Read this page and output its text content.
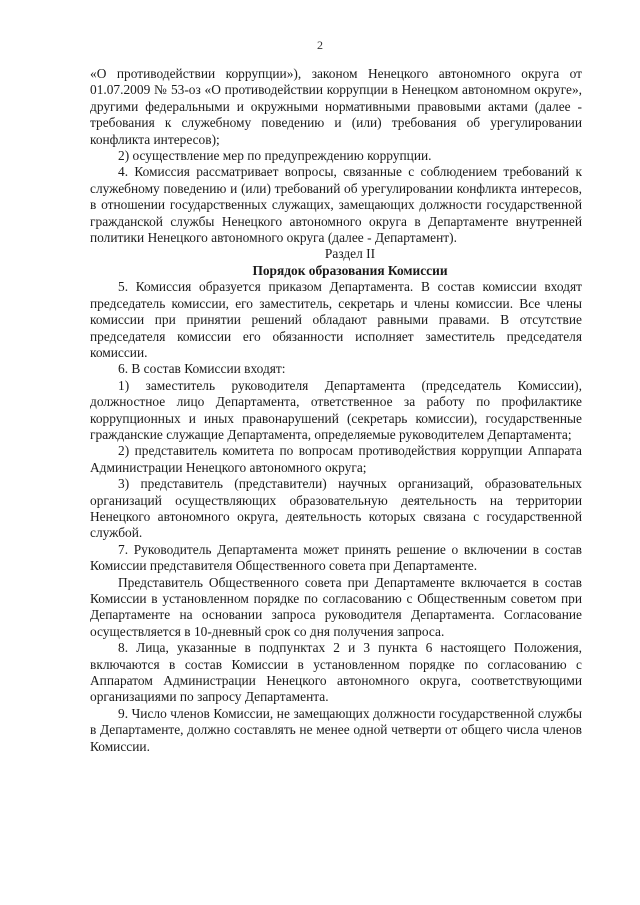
2

«О противодействии коррупции»), законом Ненецкого автономного округа от 01.07.2009 № 53-оз «О противодействии коррупции в Ненецком автономном округе», другими федеральными и окружными нормативными правовыми актами (далее - требования к служебному поведению и (или) требования об урегулировании конфликта интересов);

2) осуществление мер по предупреждению коррупции.

4. Комиссия рассматривает вопросы, связанные с соблюдением требований к служебному поведению и (или) требований об урегулировании конфликта интересов, в отношении государственных служащих, замещающих должности государственной гражданской службы Ненецкого автономного округа в Департаменте внутренней политики Ненецкого автономного округа (далее - Департамент).

Раздел II

Порядок образования Комиссии

5. Комиссия образуется приказом Департамента. В состав комиссии входят председатель комиссии, его заместитель, секретарь и члены комиссии. Все члены комиссии при принятии решений обладают равными правами. В отсутствие председателя комиссии его обязанности исполняет заместитель председателя комиссии.

6. В состав Комиссии входят:

1) заместитель руководителя Департамента (председатель Комиссии), должностное лицо Департамента, ответственное за работу по профилактике коррупционных и иных правонарушений (секретарь комиссии), государственные гражданские служащие Департамента, определяемые руководителем Департамента;

2) представитель комитета по вопросам противодействия коррупции Аппарата Администрации Ненецкого автономного округа;

3) представитель (представители) научных организаций, образовательных организаций осуществляющих образовательную деятельность на территории Ненецкого автономного округа, деятельность которых связана с государственной службой.

7. Руководитель Департамента может принять решение о включении в состав Комиссии представителя Общественного совета при Департаменте.

Представитель Общественного совета при Департаменте включается в состав Комиссии в установленном порядке по согласованию с Общественным советом при Департаменте на основании запроса руководителя Департамента. Согласование осуществляется в 10-дневный срок со дня получения запроса.

8. Лица, указанные в подпунктах 2 и 3 пункта 6 настоящего Положения, включаются в состав Комиссии в установленном порядке по согласованию с Аппаратом Администрации Ненецкого автономного округа, соответствующими организациями по запросу Департамента.

9. Число членов Комиссии, не замещающих должности государственной службы в Департаменте, должно составлять не менее одной четверти от общего числа членов Комиссии.
